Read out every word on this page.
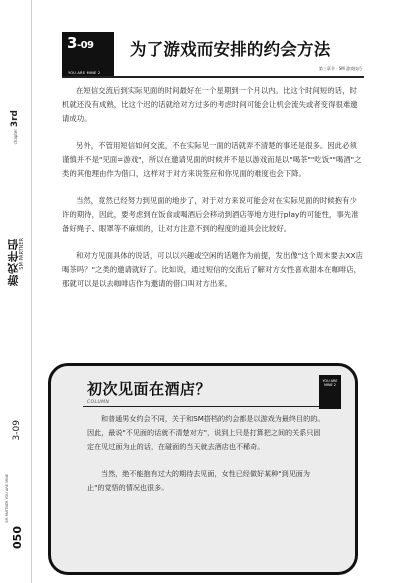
3rd
chapter
游戏伴侣 SM PARTNER
3-09
SM PARTNER YOU ARE MINE
050
3-09
YOU ARE MINE 2
为了游戏而安排的约会方法
第三章节 · SM 游戏技巧

在短信交流后到实际见面的时间最好在一个星期到一个月以内。比这个时间短的话，时机就还没有成熟，比这个迟的话就给对方过多的考虑时间可能会让机会流失或者变得很难邀请成功。

另外，不管用短信如何交流，不在实际见一面的话就弄不清楚的事还是很多。因此必须谨慎并不是"见面=游戏"，所以在邀请见面的时候并不是以游戏而是以"喝茶""吃饭""喝酒"之类的其他理由作为借口，这样对于对方来说签应和你见面的难度也会下降。

当然，竟然已经努力到见面的地步了，对于对方来说可能会对在实际见面的时候抱有少许的期待，因此，要考虑到在饭食或喝酒后会移动到酒店等地方进行play的可能性，事先准备好绳子、眼罩等不麻烦的，让对方注意不到的程度的道具会比较好。

和对方见面具体的说话，可以以兴趣或空闲的话题作为前提，发出像"这个周末要去XX店喝茶吗？"之类的邀请就好了。比如说，通过短信的交流后了解对方女性喜欢甜本在咖啡店，那就可以是以去咖啡店作为邀请的借口叫对方出来。

初次见面在酒店？
COLUMN
YOU ARE MINE 2

和普通男女约会不同，关于和SM搭档的约会都是以游戏为最终目的的。因此，最说"不见面的话就不清楚对方"，说到上只是打算把之间的关系只固定在见过面为止的话，在碰面的当天就去酒店也不稀奇。

当然，绝不能抱有过大的期待去见面，女性已经做好某种"到见面为止"的觉悟的情况也很多。
